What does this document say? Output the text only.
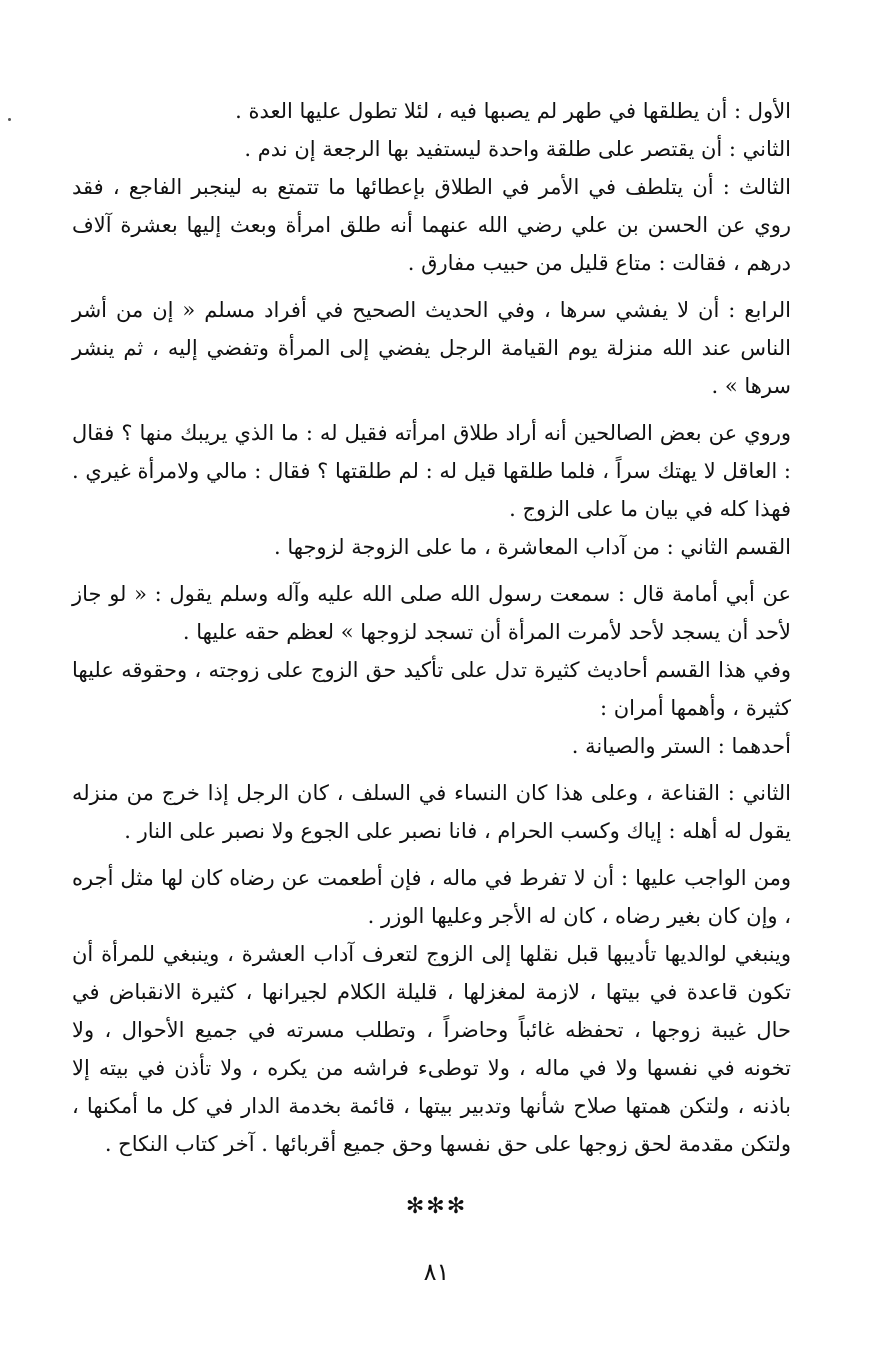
الأول : أن يطلقها في طهر لم يصبها فيه ، لئلا تطول عليها العدة .

الثاني : أن يقتصر على طلقة واحدة ليستفيد بها الرجعة إن ندم .

الثالث : أن يتلطف في الأمر في الطلاق بإعطائها ما تتمتع به لينجبر الفاجع ، فقد روي عن الحسن بن علي رضي الله عنهما أنه طلق امرأة وبعث إليها بعشرة آلاف درهم ، فقالت : متاع قليل من حبيب مفارق .

الرابع : أن لا يفشي سرها ، وفي الحديث الصحيح في أفراد مسلم « إن من أشر الناس عند الله منزلة يوم القيامة الرجل يفضي إلى المرأة وتفضي إليه ، ثم ينشر سرها » .

وروي عن بعض الصالحين أنه أراد طلاق امرأته فقيل له : ما الذي يريبك منها ؟ فقال : العاقل لا يهتك سراً ، فلما طلقها قيل له : لم طلقتها ؟ فقال : مالي ولامرأة غيري . فهذا كله في بيان ما على الزوج .

القسم الثاني : من آداب المعاشرة ، ما على الزوجة لزوجها .

عن أبي أمامة قال : سمعت رسول الله صلى الله عليه وآله وسلم يقول : « لو جاز لأحد أن يسجد لأحد لأمرت المرأة أن تسجد لزوجها » لعظم حقه عليها .

وفي هذا القسم أحاديث كثيرة تدل على تأكيد حق الزوج على زوجته ، وحقوقه عليها كثيرة ، وأهمها أمران :

أحدهما : الستر والصيانة .

الثاني : القناعة ، وعلى هذا كان النساء في السلف ، كان الرجل إذا خرج من منزله يقول له أهله : إياك وكسب الحرام ، فانا نصبر على الجوع ولا نصبر على النار .

ومن الواجب عليها : أن لا تفرط في ماله ، فإن أطعمت عن رضاه كان لها مثل أجره ، وإن كان بغير رضاه ، كان له الأجر وعليها الوزر .

وينبغي لوالديها تأديبها قبل نقلها إلى الزوج لتعرف آداب العشرة ، وينبغي للمرأة أن تكون قاعدة في بيتها ، لازمة لمغزلها ، قليلة الكلام لجيرانها ، كثيرة الانقباض في حال غيبة زوجها ، تحفظه غائباً وحاضراً ، وتطلب مسرته في جميع الأحوال ، ولا تخونه في نفسها ولا في ماله ، ولا توطىء فراشه من يكره ، ولا تأذن في بيته إلا باذنه ، ولتكن همتها صلاح شأنها وتدبير بيتها ، قائمة بخدمة الدار في كل ما أمكنها ، ولتكن مقدمة لحق زوجها على حق نفسها وحق جميع أقربائها . آخر كتاب النكاح .

✻✻✻
٨١
